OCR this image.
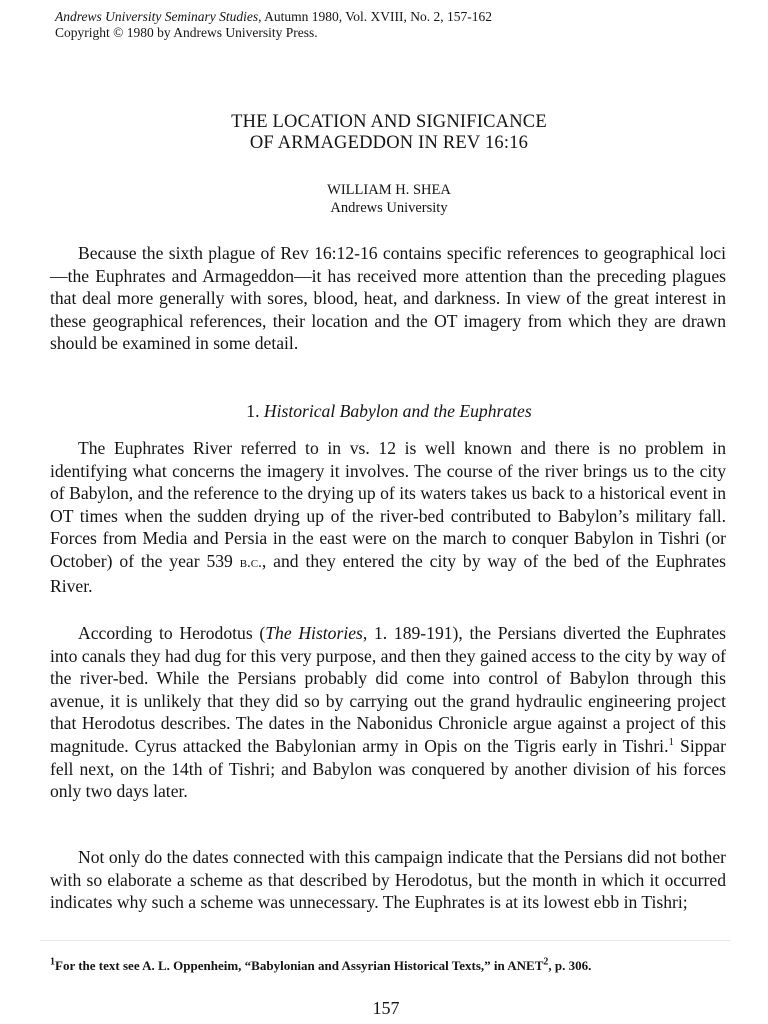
Andrews University Seminary Studies, Autumn 1980, Vol. XVIII, No. 2, 157-162
Copyright © 1980 by Andrews University Press.
THE LOCATION AND SIGNIFICANCE
OF ARMAGEDDON IN REV 16:16
WILLIAM H. SHEA
Andrews University

Because the sixth plague of Rev 16:12-16 contains specific references to geographical loci—the Euphrates and Armageddon—it has received more attention than the preceding plagues that deal more generally with sores, blood, heat, and darkness. In view of the great interest in these geographical references, their location and the OT imagery from which they are drawn should be examined in some detail.

1. Historical Babylon and the Euphrates

The Euphrates River referred to in vs. 12 is well known and there is no problem in identifying what concerns the imagery it involves. The course of the river brings us to the city of Babylon, and the reference to the drying up of its waters takes us back to a historical event in OT times when the sudden drying up of the river-bed contributed to Babylon’s military fall. Forces from Media and Persia in the east were on the march to conquer Babylon in Tishri (or October) of the year 539 b.c., and they entered the city by way of the bed of the Euphrates River.

According to Herodotus (The Histories, 1. 189-191), the Persians diverted the Euphrates into canals they had dug for this very purpose, and then they gained access to the city by way of the river-bed. While the Persians probably did come into control of Babylon through this avenue, it is unlikely that they did so by carrying out the grand hydraulic engineering project that Herodotus describes. The dates in the Nabonidus Chronicle argue against a project of this magnitude. Cyrus attacked the Babylonian army in Opis on the Tigris early in Tishri.$^1$ Sippar fell next, on the 14th of Tishri; and Babylon was conquered by another division of his forces only two days later.

Not only do the dates connected with this campaign indicate that the Persians did not bother with so elaborate a scheme as that described by Herodotus, but the month in which it occurred indicates why such a scheme was unnecessary. The Euphrates is at its lowest ebb in Tishri;

$^1$For the text see A. L. Oppenheim, “Babylonian and Assyrian Historical Texts,” in ANET$^2$, p. 306.
157
